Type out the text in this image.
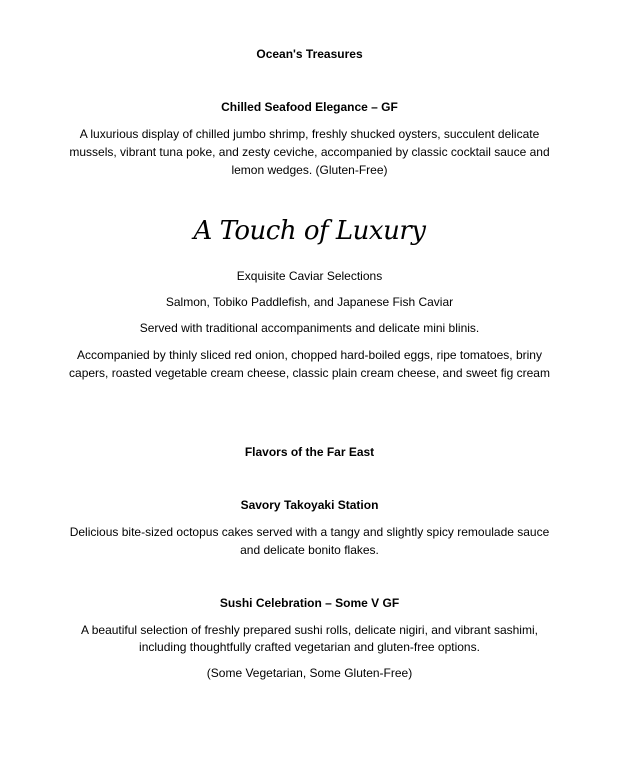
Ocean's Treasures

Chilled Seafood Elegance – GF

A luxurious display of chilled jumbo shrimp, freshly shucked oysters, succulent delicate

mussels, vibrant tuna poke, and zesty ceviche, accompanied by classic cocktail sauce and

lemon wedges. (Gluten-Free)

A Touch of Luxury

Exquisite Caviar Selections

Salmon, Tobiko Paddlefish, and Japanese Fish Caviar

Served with traditional accompaniments and delicate mini blinis.

Accompanied by thinly sliced red onion, chopped hard-boiled eggs, ripe tomatoes, briny

capers, roasted vegetable cream cheese, classic plain cream cheese, and sweet fig cream

Flavors of the Far East

Savory Takoyaki Station

Delicious bite-sized octopus cakes served with a tangy and slightly spicy remoulade sauce

and delicate bonito flakes.

Sushi Celebration – Some V GF

A beautiful selection of freshly prepared sushi rolls, delicate nigiri, and vibrant sashimi,

including thoughtfully crafted vegetarian and gluten-free options.

(Some Vegetarian, Some Gluten-Free)
